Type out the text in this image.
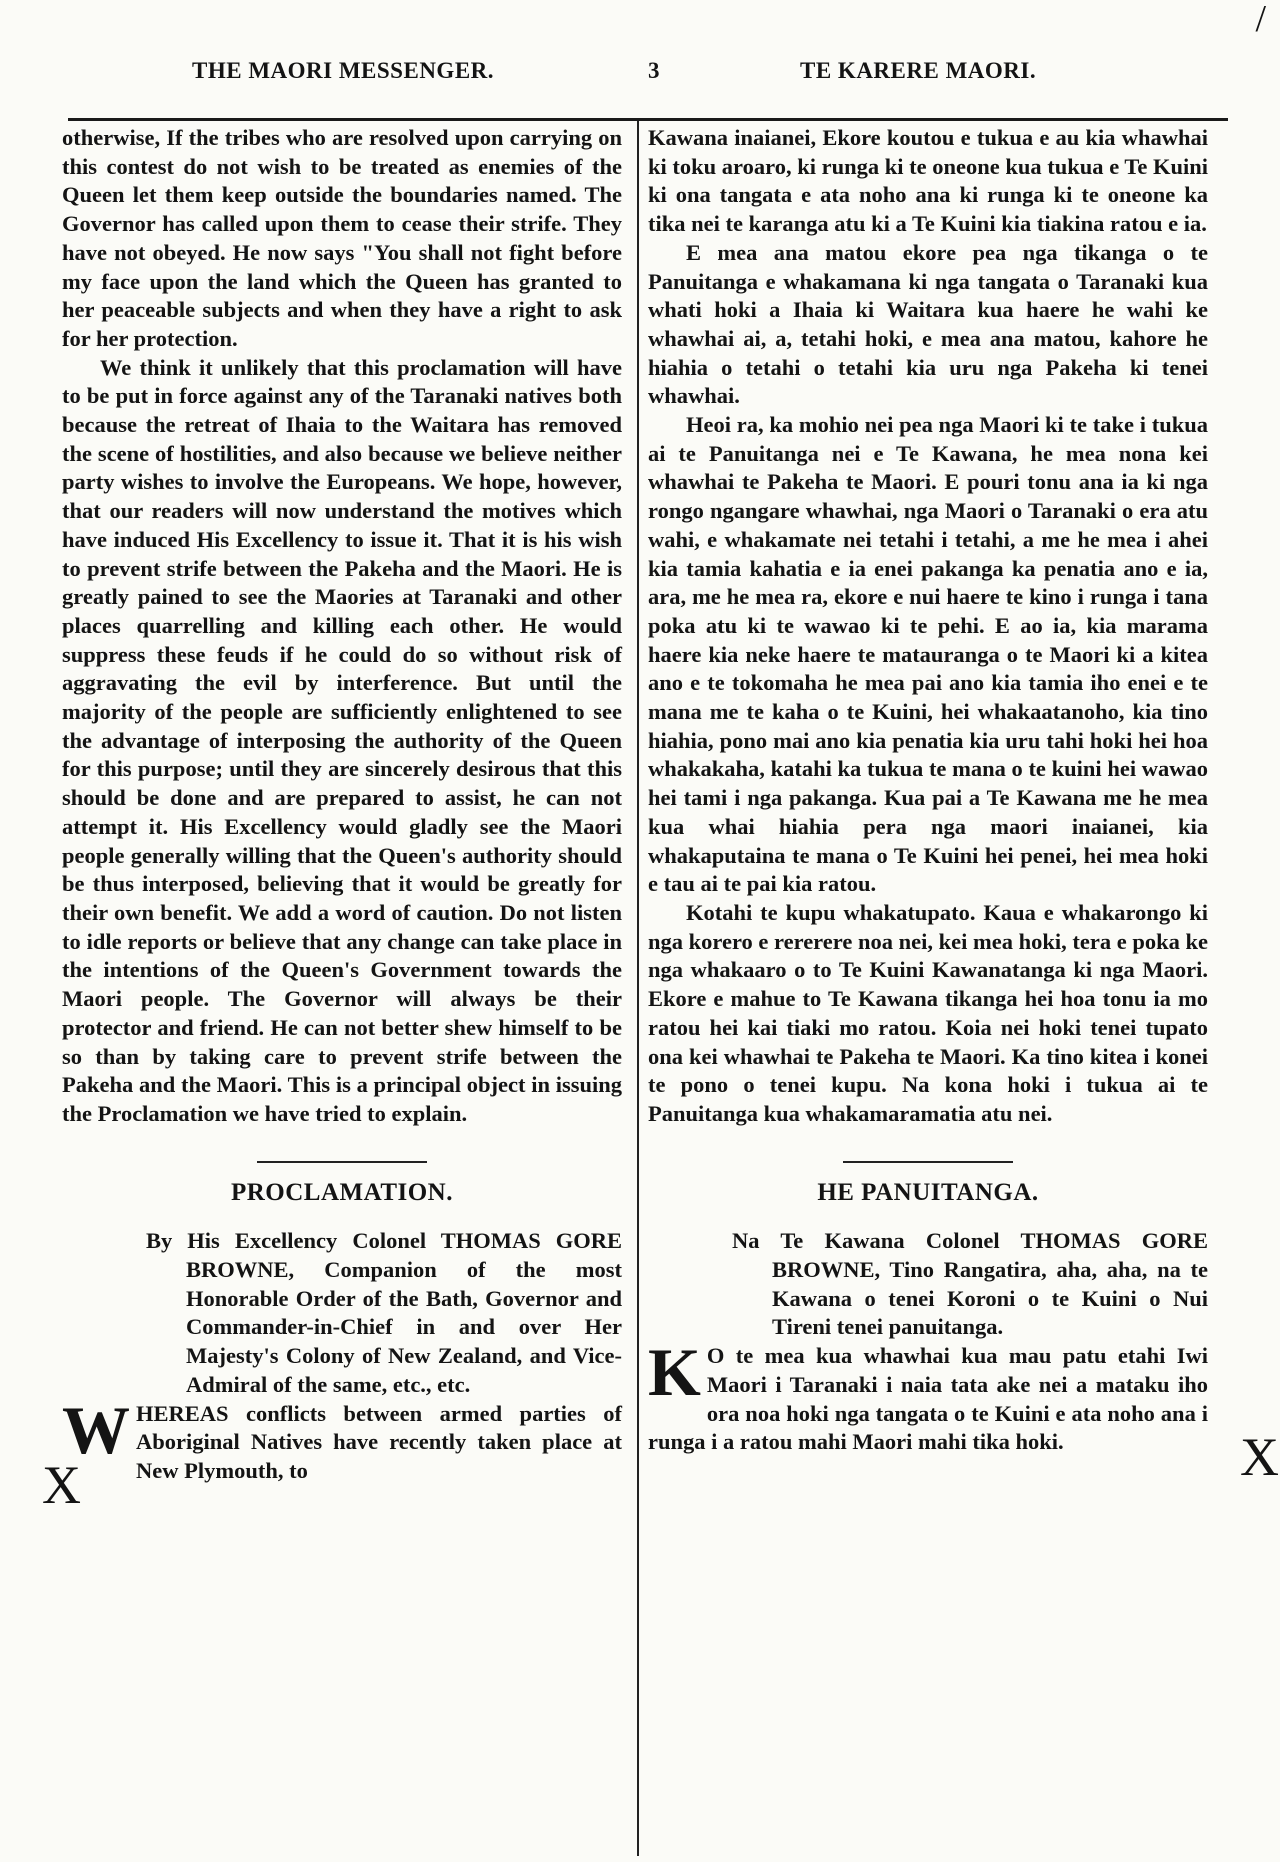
/
THE MAORI MESSENGER.	3	TE KARERE MAORI.
X	X

otherwise, If the tribes who are resolved upon carrying on this contest do not wish to be treated as enemies of the Queen let them keep outside the boundaries named. The Governor has called upon them to cease their strife. They have not obeyed. He now says "You shall not fight before my face upon the land which the Queen has granted to her peaceable subjects and when they have a right to ask for her protection.

We think it unlikely that this proclamation will have to be put in force against any of the Taranaki natives both because the retreat of Ihaia to the Waitara has removed the scene of hostilities, and also because we believe neither party wishes to involve the Europeans. We hope, however, that our readers will now understand the motives which have induced His Excellency to issue it. That it is his wish to prevent strife between the Pakeha and the Maori. He is greatly pained to see the Maories at Taranaki and other places quarrelling and killing each other. He would suppress these feuds if he could do so without risk of aggravating the evil by interference. But until the majority of the people are sufficiently enlightened to see the advantage of interposing the authority of the Queen for this purpose; until they are sincerely desirous that this should be done and are prepared to assist, he can not attempt it. His Excellency would gladly see the Maori people generally willing that the Queen's authority should be thus interposed, believing that it would be greatly for their own benefit. We add a word of caution. Do not listen to idle reports or believe that any change can take place in the intentions of the Queen's Government towards the Maori people. The Governor will always be their protector and friend. He can not better shew himself to be so than by taking care to prevent strife between the Pakeha and the Maori. This is a principal object in issuing the Proclamation we have tried to explain.

PROCLAMATION.
By His Excellency Colonel THOMAS GORE BROWNE, Companion of the most Honorable Order of the Bath, Governor and Commander-in-Chief in and over Her Majesty's Colony of New Zealand, and Vice-Admiral of the same, etc., etc.

WHEREAS conflicts between armed parties of Aboriginal Natives have recently taken place at New Plymouth, to

Kawana inaianei, Ekore koutou e tukua e au kia whawhai ki toku aroaro, ki runga ki te oneone kua tukua e Te Kuini ki ona tangata e ata noho ana ki runga ki te oneone ka tika nei te karanga atu ki a Te Kuini kia tiakina ratou e ia.

E mea ana matou ekore pea nga tikanga o te Panuitanga e whakamana ki nga tangata o Taranaki kua whati hoki a Ihaia ki Waitara kua haere he wahi ke whawhai ai, a, tetahi hoki, e mea ana matou, kahore he hiahia o tetahi o tetahi kia uru nga Pakeha ki tenei whawhai.

Heoi ra, ka mohio nei pea nga Maori ki te take i tukua ai te Panuitanga nei e Te Kawana, he mea nona kei whawhai te Pakeha te Maori. E pouri tonu ana ia ki nga rongo ngangare whawhai, nga Maori o Taranaki o era atu wahi, e whakamate nei tetahi i tetahi, a me he mea i ahei kia tamia kahatia e ia enei pakanga ka penatia ano e ia, ara, me he mea ra, ekore e nui haere te kino i runga i tana poka atu ki te wawao ki te pehi. E ao ia, kia marama haere kia neke haere te matauranga o te Maori ki a kitea ano e te tokomaha he mea pai ano kia tamia iho enei e te mana me te kaha o te Kuini, hei whakaatanoho, kia tino hiahia, pono mai ano kia penatia kia uru tahi hoki hei hoa whakakaha, katahi ka tukua te mana o te kuini hei wawao hei tami i nga pakanga. Kua pai a Te Kawana me he mea kua whai hiahia pera nga maori inaianei, kia whakaputaina te mana o Te Kuini hei penei, hei mea hoki e tau ai te pai kia ratou.

Kotahi te kupu whakatupato. Kaua e whakarongo ki nga korero e rererere noa nei, kei mea hoki, tera e poka ke nga whakaaro o to Te Kuini Kawanatanga ki nga Maori. Ekore e mahue to Te Kawana tikanga hei hoa tonu ia mo ratou hei kai tiaki mo ratou. Koia nei hoki tenei tupato ona kei whawhai te Pakeha te Maori. Ka tino kitea i konei te pono o tenei kupu. Na kona hoki i tukua ai te Panuitanga kua whakamaramatia atu nei.

HE PANUITANGA.
Na Te Kawana Colonel THOMAS GORE BROWNE, Tino Rangatira, aha, aha, na te Kawana o tenei Koroni o te Kuini o Nui Tireni tenei panuitanga.

K O te mea kua whawhai kua mau patu etahi Iwi Maori i Taranaki i naia tata ake nei a mataku iho ora noa hoki nga tangata o te Kuini e ata noho ana i runga i a ratou mahi Maori mahi tika hoki.
